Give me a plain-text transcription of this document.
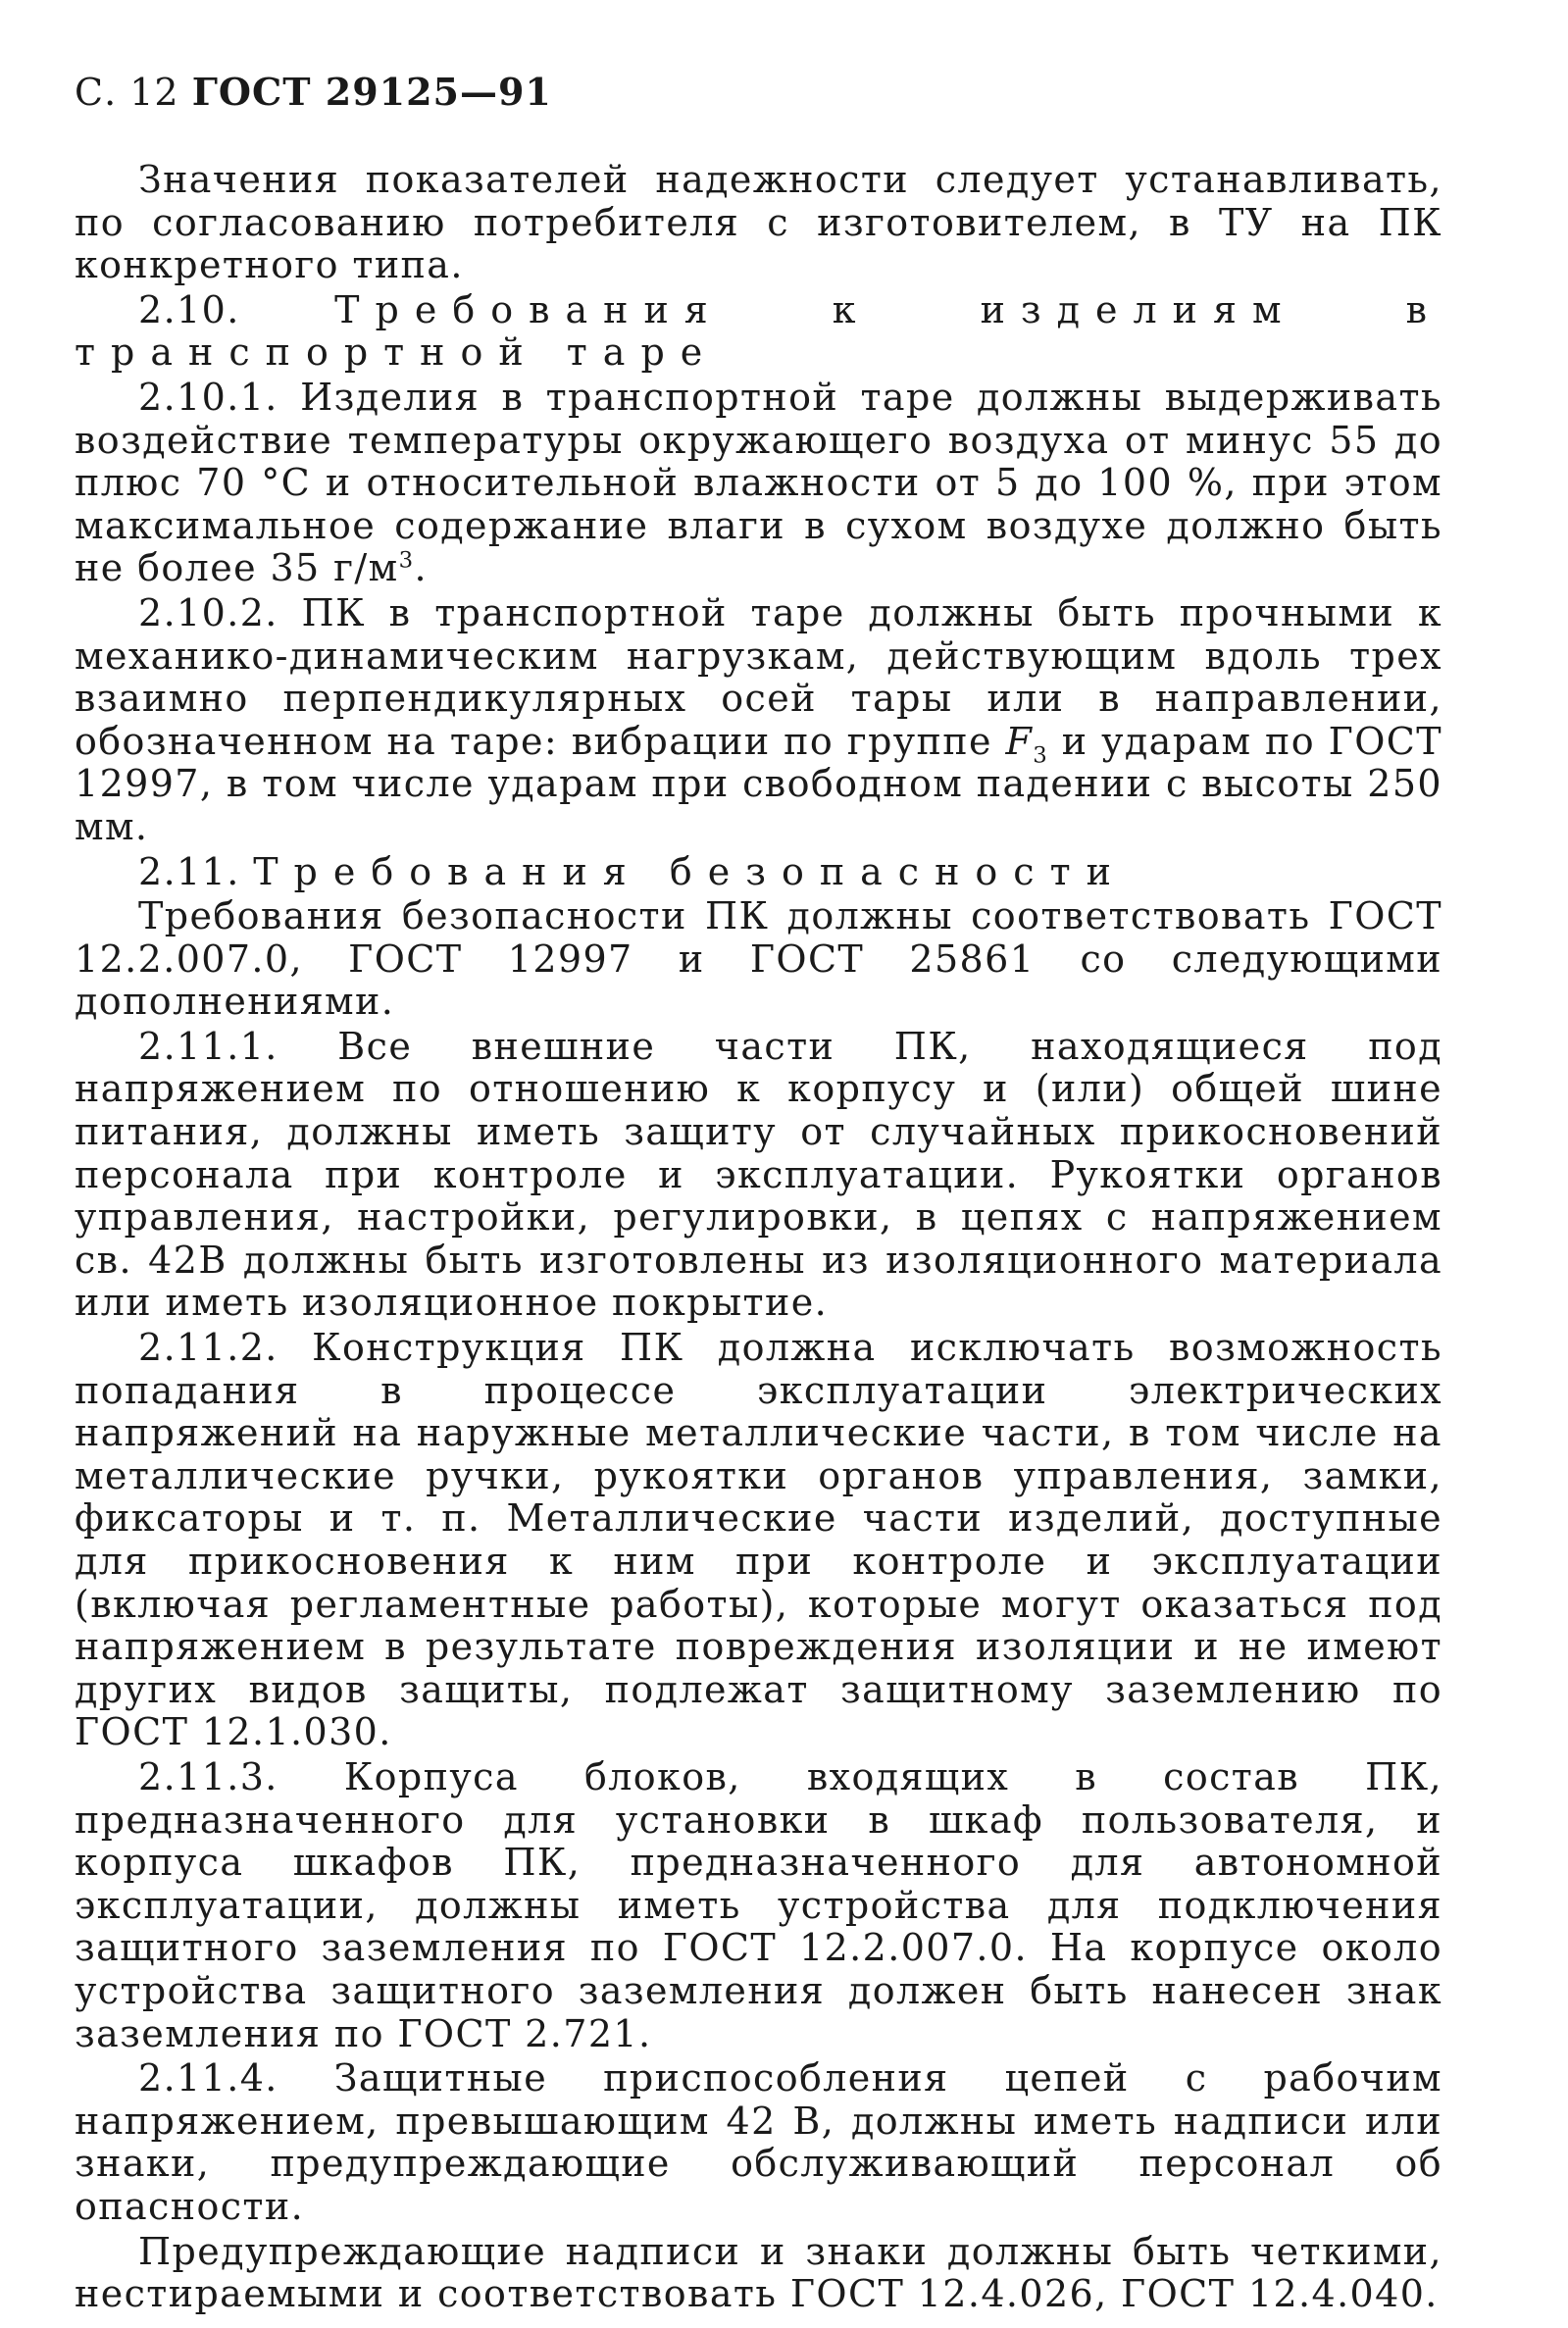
С. 12 ГОСТ 29125—91

Значения показателей надежности следует устанавливать, по согласованию потребителя с изготовителем, в ТУ на ПК конкретного типа.

2.10.	Требования к изделиям в транспортной таре

2.10.1. Изделия в транспортной таре должны выдерживать воздействие температуры окружающего воздуха от минус 55 до плюс 70 °С и относительной влажности от 5 до 100 %, при этом максимальное содержание влаги в сухом воздухе должно быть не более 35 $г/м^3$.

2.10.2. ПК в транспортной таре должны быть прочными к механико-динамическим нагрузкам, действующим вдоль трех взаимно перпендикулярных осей тары или в направлении, обозначенном на таре: вибрации по группе $F_3$ и ударам по ГОСТ 12997, в том числе ударам при свободном падении с высоты 250 мм.

2.11. Требования безопасности

Требования безопасности ПК должны соответствовать ГОСТ 12.2.007.0, ГОСТ 12997 и ГОСТ 25861 со следующими дополнениями.

2.11.1. Все внешние части ПК, находящиеся под напряжением по отношению к корпусу и (или) общей шине питания, должны иметь защиту от случайных прикосновений персонала при контроле и эксплуатации. Рукоятки органов управления, настройки, регулировки, в цепях с напряжением св. 42В должны быть изготовлены из изоляционного материала или иметь изоляционное покрытие.

2.11.2. Конструкция ПК должна исключать возможность попадания в процессе эксплуатации электрических напряжений на наружные металлические части, в том числе на металлические ручки, рукоятки органов управления, замки, фиксаторы и т. п. Металлические части изделий, доступные для прикосновения к ним при контроле и эксплуатации (включая регламентные работы), которые могут оказаться под напряжением в результате повреждения изоляции и не имеют других видов защиты, подлежат защитному заземлению по ГОСТ 12.1.030.

2.11.3. Корпуса блоков, входящих в состав ПК, предназначенного для установки в шкаф пользователя, и корпуса шкафов ПК, предназначенного для автономной эксплуатации, должны иметь устройства для подключения защитного заземления по ГОСТ 12.2.007.0. На корпусе около устройства защитного заземления должен быть нанесен знак заземления по ГОСТ 2.721.

2.11.4. Защитные приспособления цепей с рабочим напряжением, превышающим 42 В, должны иметь надписи или знаки, предупреждающие обслуживающий персонал об опасности.

Предупреждающие надписи и знаки должны быть четкими, нестираемыми и соответствовать ГОСТ 12.4.026, ГОСТ 12.4.040.
